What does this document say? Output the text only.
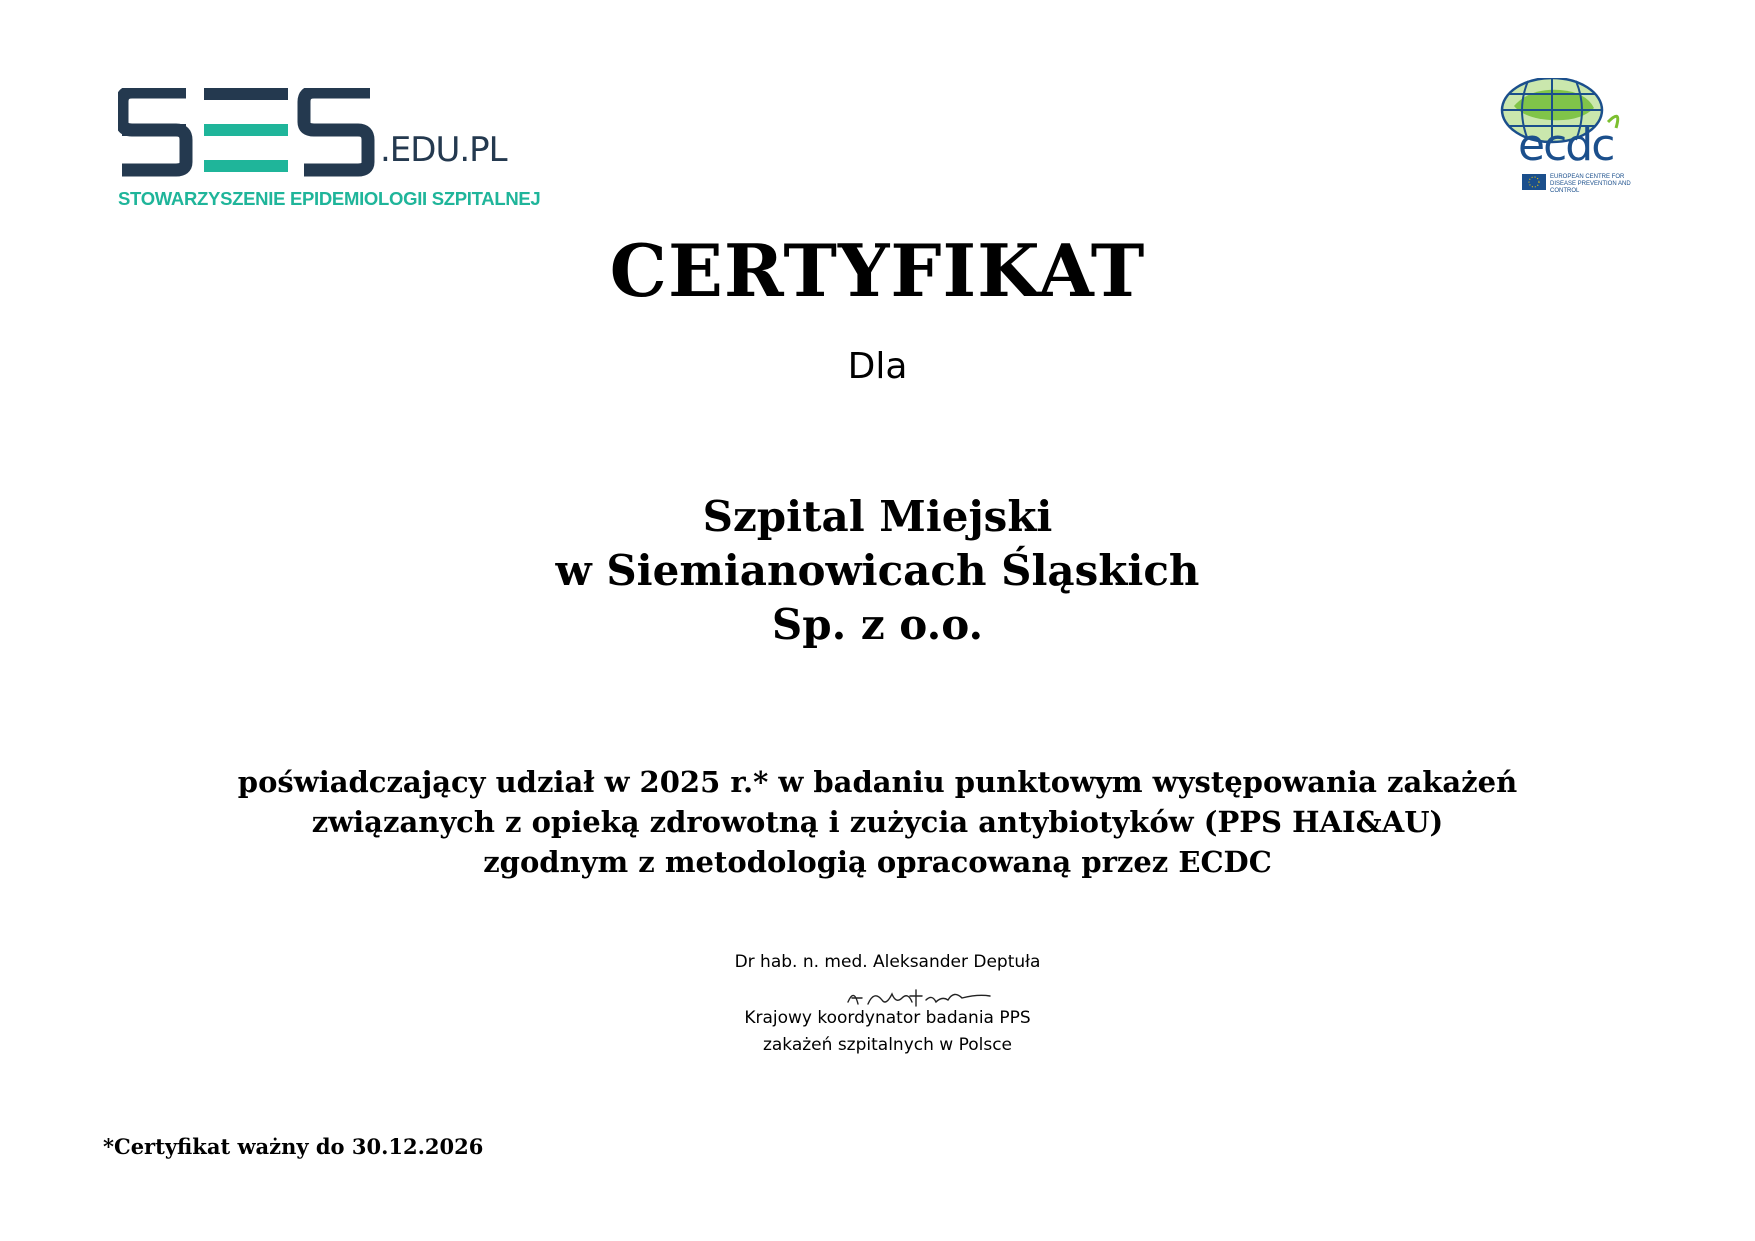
.EDU.PL
STOWARZYSZENIE EPIDEMIOLOGII SZPITALNEJ
ecdc
EUROPEAN CENTRE FOR DISEASE PREVENTION AND CONTROL
CERTYFIKAT
Dla
Szpital Miejski
w Siemianowicach Śląskich
Sp. z o.o.
poświadczający udział w 2025 r.* w badaniu punktowym występowania zakażeń
związanych z opieką zdrowotną i zużycia antybiotyków (PPS HAI&AU)
zgodnym z metodologią opracowaną przez ECDC
Dr hab. n. med. Aleksander Deptuła
Krajowy koordynator badania PPS
zakażeń szpitalnych w Polsce
*Certyfikat ważny do 30.12.2026
